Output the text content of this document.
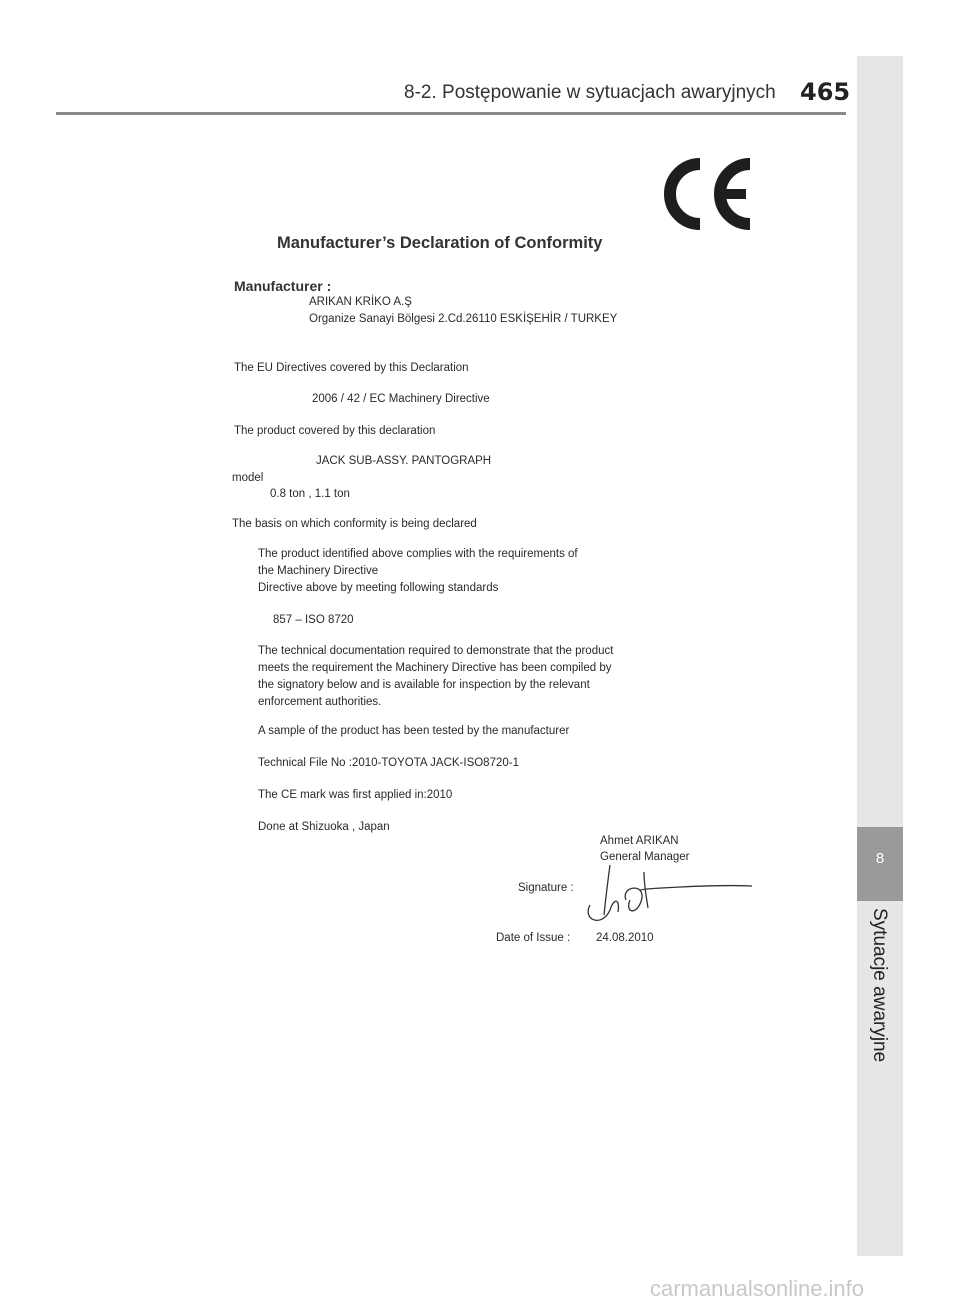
8-2. Postępowanie w sytuacjach awaryjnych 465
8
Sytuacje awaryjne
Manufacturer’s Declaration of Conformity
Manufacturer :
ARIKAN KRİKO A.Ş
Organize Sanayi Bölgesi 2.Cd.26110 ESKİŞEHİR / TURKEY
The EU Directives covered by this Declaration
2006 / 42 / EC Machinery Directive
The product covered by this declaration
JACK SUB-ASSY. PANTOGRAPH
model
0.8 ton , 1.1 ton
The basis on which conformity is being declared
The product identified above complies with the requirements of
the Machinery Directive
Directive above by meeting following standards
857 – ISO 8720
The technical documentation required to demonstrate that the product
meets the requirement the Machinery Directive has been compiled by
the signatory below and is available for inspection by the relevant
enforcement authorities.
A sample of the product has been tested by the manufacturer
Technical File No :2010-TOYOTA JACK-ISO8720-1
The CE mark was first applied in:2010
Done at Shizuoka , Japan
Ahmet ARIKAN
General Manager
Signature :
Date of Issue : 24.08.2010
carmanualsonline.info
